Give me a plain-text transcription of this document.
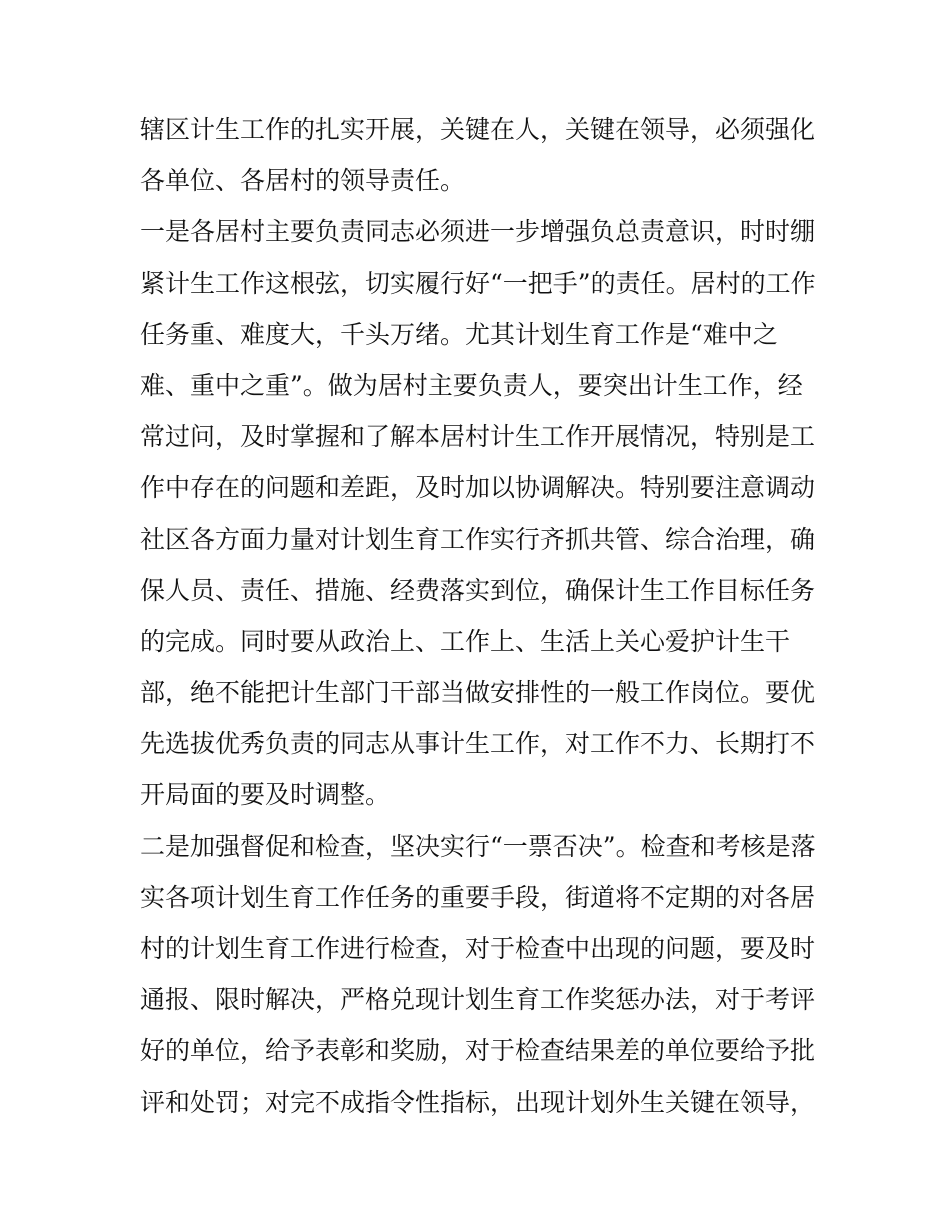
辖区计生工作的扎实开展，关键在人，关键在领导，必须强化
各单位、各居村的领导责任。
一是各居村主要负责同志必须进一步增强负总责意识，时时绷
紧计生工作这根弦，切实履行好“一把手”的责任。居村的工作
任务重、难度大，千头万绪。尤其计划生育工作是“难中之
难、重中之重”。做为居村主要负责人，要突出计生工作，经
常过问，及时掌握和了解本居村计生工作开展情况，特别是工
作中存在的问题和差距，及时加以协调解决。特别要注意调动
社区各方面力量对计划生育工作实行齐抓共管、综合治理，确
保人员、责任、措施、经费落实到位，确保计生工作目标任务
的完成。同时要从政治上、工作上、生活上关心爱护计生干
部，绝不能把计生部门干部当做安排性的一般工作岗位。要优
先选拔优秀负责的同志从事计生工作，对工作不力、长期打不
开局面的要及时调整。
二是加强督促和检查，坚决实行“一票否决”。检查和考核是落
实各项计划生育工作任务的重要手段，街道将不定期的对各居
村的计划生育工作进行检查，对于检查中出现的问题，要及时
通报、限时解决，严格兑现计划生育工作奖惩办法，对于考评
好的单位，给予表彰和奖励，对于检查结果差的单位要给予批
评和处罚；对完不成指令性指标，出现计划外生关键在领导，
